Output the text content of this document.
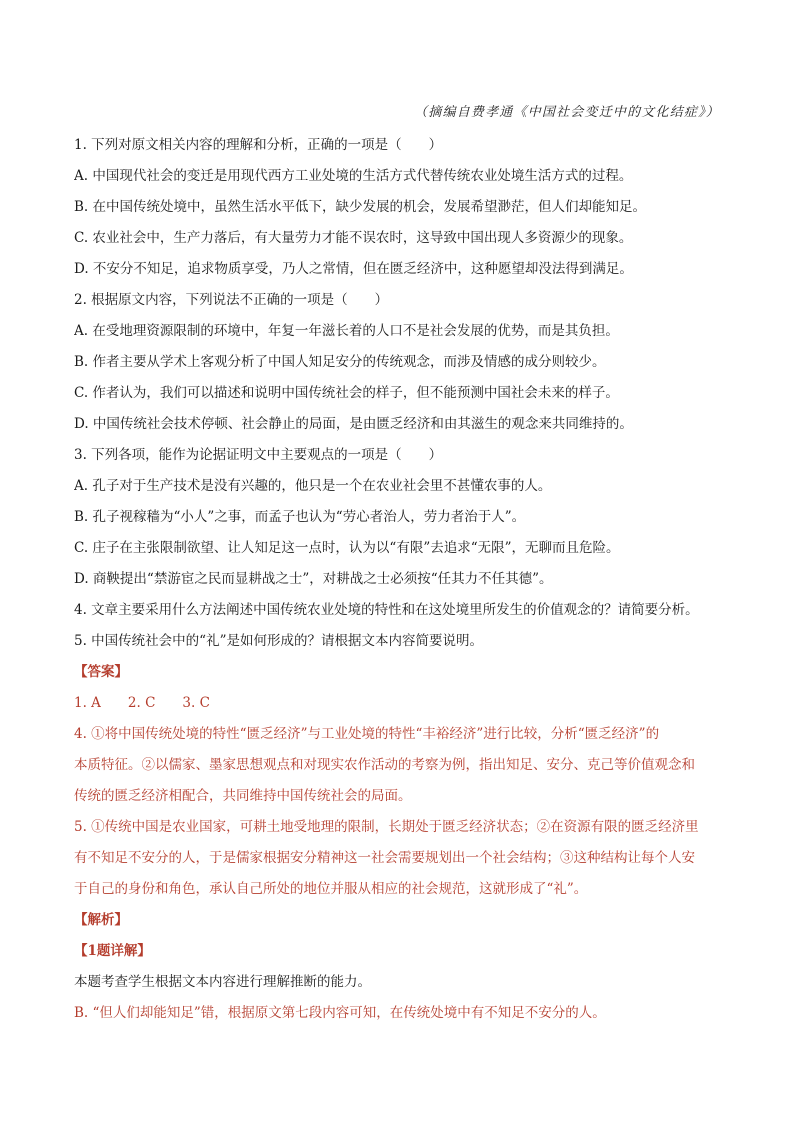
（摘编自费孝通《中国社会变迁中的文化结症》）
1. 下列对原文相关内容的理解和分析，正确的一项是（　　）
A. 中国现代社会的变迁是用现代西方工业处境的生活方式代替传统农业处境生活方式的过程。
B. 在中国传统处境中，虽然生活水平低下，缺少发展的机会，发展希望渺茫，但人们却能知足。
C. 农业社会中，生产力落后，有大量劳力才能不误农时，这导致中国出现人多资源少的现象。
D. 不安分不知足，追求物质享受，乃人之常情，但在匮乏经济中，这种愿望却没法得到满足。
2. 根据原文内容，下列说法不正确的一项是（　　）
A. 在受地理资源限制的环境中，年复一年滋长着的人口不是社会发展的优势，而是其负担。
B. 作者主要从学术上客观分析了中国人知足安分的传统观念，而涉及情感的成分则较少。
C. 作者认为，我们可以描述和说明中国传统社会的样子，但不能预测中国社会未来的样子。
D. 中国传统社会技术停顿、社会静止的局面，是由匮乏经济和由其滋生的观念来共同维持的。
3. 下列各项，能作为论据证明文中主要观点的一项是（　　）
A. 孔子对于生产技术是没有兴趣的，他只是一个在农业社会里不甚懂农事的人。
B. 孔子视稼穑为“小人”之事，而孟子也认为“劳心者治人，劳力者治于人”。
C. 庄子在主张限制欲望、让人知足这一点时，认为以“有限”去追求“无限”，无聊而且危险。
D. 商鞅提出“禁游宦之民而显耕战之士”，对耕战之士必须按“任其力不任其德”。
4. 文章主要采用什么方法阐述中国传统农业处境的特性和在这处境里所发生的价值观念的？请简要分析。
5. 中国传统社会中的“礼”是如何形成的？请根据文本内容简要说明。
【答案】
1. A　　2. C　　3. C
4. ①将中国传统处境的特性“匮乏经济”与工业处境的特性“丰裕经济”进行比较，分析“匮乏经济”的
本质特征。②以儒家、墨家思想观点和对现实农作活动的考察为例，指出知足、安分、克己等价值观念和
传统的匮乏经济相配合，共同维持中国传统社会的局面。
5. ①传统中国是农业国家，可耕土地受地理的限制，长期处于匮乏经济状态；②在资源有限的匮乏经济里
有不知足不安分的人，于是儒家根据安分精神这一社会需要规划出一个社会结构；③这种结构让每个人安
于自己的身份和角色，承认自己所处的地位并服从相应的社会规范，这就形成了“礼”。
【解析】
【1题详解】
本题考查学生根据文本内容进行理解推断的能力。
B. “但人们却能知足”错，根据原文第七段内容可知，在传统处境中有不知足不安分的人。
